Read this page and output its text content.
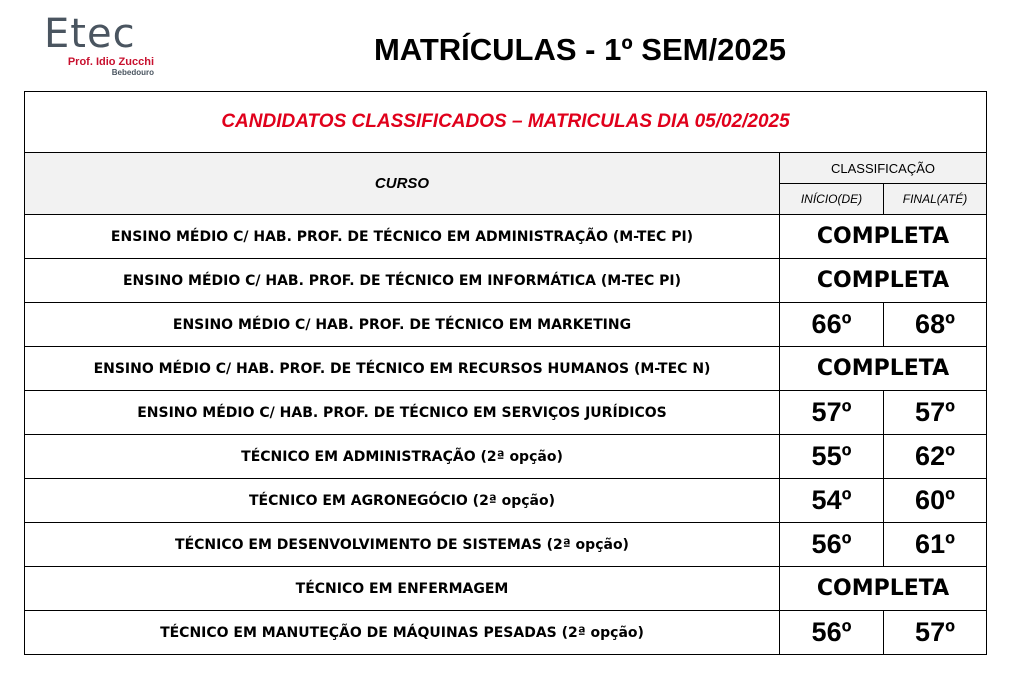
Etec
Prof. Idio Zucchi
Bebedouro
MATRÍCULAS - 1º SEM/2025
CANDIDATOS CLASSIFICADOS – MATRICULAS DIA 05/02/2025		
CURSO	CLASSIFICAÇÃO	
	INÍCIO(DE)	FINAL(ATÉ)
ENSINO MÉDIO C/ HAB. PROF. DE TÉCNICO EM ADMINISTRAÇÃO (M-TEC PI)	COMPLETA	
ENSINO MÉDIO C/ HAB. PROF. DE TÉCNICO EM INFORMÁTICA (M-TEC PI)	COMPLETA	
ENSINO MÉDIO C/ HAB. PROF. DE TÉCNICO EM MARKETING	66º	68º
ENSINO MÉDIO C/ HAB. PROF. DE TÉCNICO EM RECURSOS HUMANOS (M-TEC N)	COMPLETA	
ENSINO MÉDIO C/ HAB. PROF. DE TÉCNICO EM SERVIÇOS JURÍDICOS	57º	57º
TÉCNICO EM ADMINISTRAÇÃO (2ª opção)	55º	62º
TÉCNICO EM AGRONEGÓCIO (2ª opção)	54º	60º
TÉCNICO EM DESENVOLVIMENTO DE SISTEMAS (2ª opção)	56º	61º
TÉCNICO EM ENFERMAGEM	COMPLETA	
TÉCNICO EM MANUTEÇÃO DE MÁQUINAS PESADAS (2ª opção)	56º	57º
